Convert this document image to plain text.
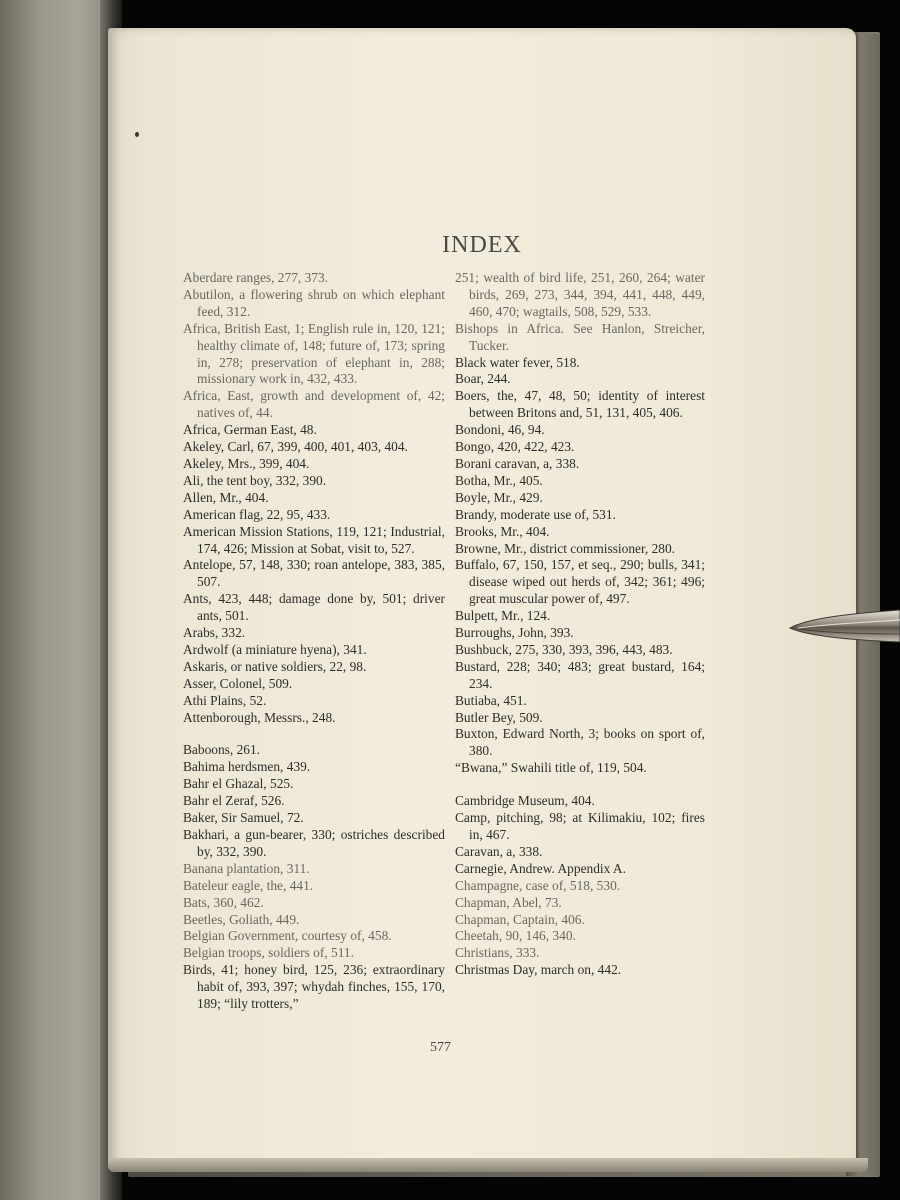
INDEX

Aberdare ranges, 277, 373.

Abutilon, a flowering shrub on which elephant feed, 312.

Africa, British East, 1; English rule in, 120, 121; healthy climate of, 148; future of, 173; spring in, 278; preservation of elephant in, 288; missionary work in, 432, 433.

Africa, East, growth and development of, 42; natives of, 44.

Africa, German East, 48.

Akeley, Carl, 67, 399, 400, 401, 403, 404.

Akeley, Mrs., 399, 404.

Ali, the tent boy, 332, 390.

Allen, Mr., 404.

American flag, 22, 95, 433.

American Mission Stations, 119, 121; Industrial, 174, 426; Mission at Sobat, visit to, 527.

Antelope, 57, 148, 330; roan antelope, 383, 385, 507.

Ants, 423, 448; damage done by, 501; driver ants, 501.

Arabs, 332.

Ardwolf (a miniature hyena), 341.

Askaris, or native soldiers, 22, 98.

Asser, Colonel, 509.

Athi Plains, 52.

Attenborough, Messrs., 248.

Baboons, 261.

Bahima herdsmen, 439.

Bahr el Ghazal, 525.

Bahr el Zeraf, 526.

Baker, Sir Samuel, 72.

Bakhari, a gun-bearer, 330; ostriches described by, 332, 390.

Banana plantation, 311.

Bateleur eagle, the, 441.

Bats, 360, 462.

Beetles, Goliath, 449.

Belgian Government, courtesy of, 458.

Belgian troops, soldiers of, 511.

Birds, 41; honey bird, 125, 236; extraordinary habit of, 393, 397; whydah finches, 155, 170, 189; “lily trotters,”

251; wealth of bird life, 251, 260, 264; water birds, 269, 273, 344, 394, 441, 448, 449, 460, 470; wagtails, 508, 529, 533.

Bishops in Africa. See Hanlon, Streicher, Tucker.

Black water fever, 518.

Boar, 244.

Boers, the, 47, 48, 50; identity of interest between Britons and, 51, 131, 405, 406.

Bondoni, 46, 94.

Bongo, 420, 422, 423.

Borani caravan, a, 338.

Botha, Mr., 405.

Boyle, Mr., 429.

Brandy, moderate use of, 531.

Brooks, Mr., 404.

Browne, Mr., district commissioner, 280.

Buffalo, 67, 150, 157, et seq., 290; bulls, 341; disease wiped out herds of, 342; 361; 496; great muscular power of, 497.

Bulpett, Mr., 124.

Burroughs, John, 393.

Bushbuck, 275, 330, 393, 396, 443, 483.

Bustard, 228; 340; 483; great bustard, 164; 234.

Butiaba, 451.

Butler Bey, 509.

Buxton, Edward North, 3; books on sport of, 380.

“Bwana,” Swahili title of, 119, 504.

Cambridge Museum, 404.

Camp, pitching, 98; at Kilimakiu, 102; fires in, 467.

Caravan, a, 338.

Carnegie, Andrew. Appendix A.

Champagne, case of, 518, 530.

Chapman, Abel, 73.

Chapman, Captain, 406.

Cheetah, 90, 146, 340.

Christians, 333.

Christmas Day, march on, 442.

577
